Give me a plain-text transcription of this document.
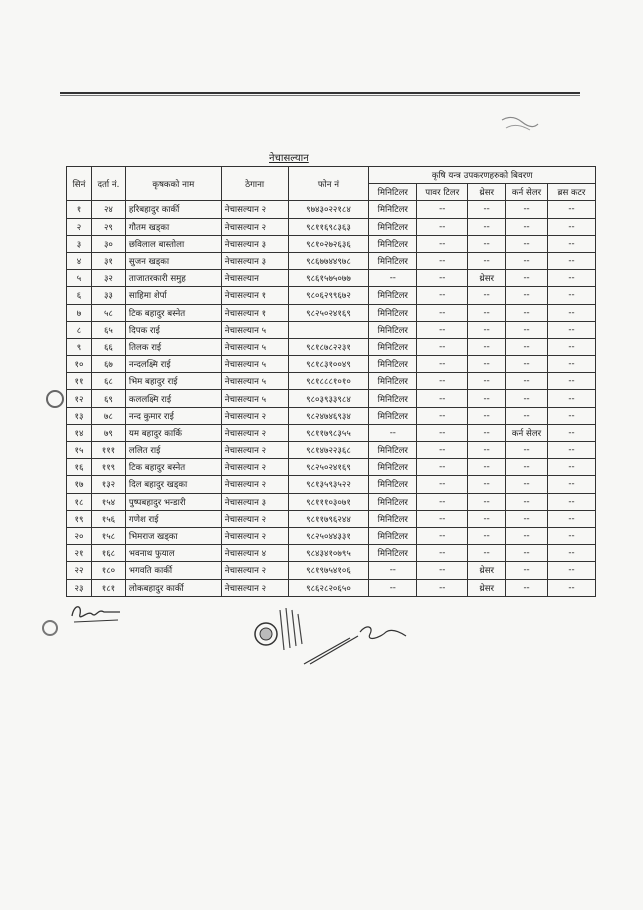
नेचासल्यान
सिनं	दर्ता नं.	कृषकको नाम	ठेगाना	फोन नं	कृषि यन्त्र उपकरणहरुको बिवरण				
					मिनिटिलर	पावर टिलर	थ्रेसर	कर्न सेलर	ब्रस कटर
१	२४	हरिबहादुर कार्की	नेचासल्यान २	९७४३०२२१८४	मिनिटिलर	--	--	--	--
२	२९	गौतम खड्का	नेचासल्यान २	९८११६९८३६३	मिनिटिलर	--	--	--	--
३	३०	छविलाल बास्तोला	नेचासल्यान ३	९८१०२७२६३६	मिनिटिलर	--	--	--	--
४	३१	सुजन खड्का	नेचासल्यान ३	९८६७७४४९७८	मिनिटिलर	--	--	--	--
५	३२	ताजातरकारी समुह	नेचासल्यान	९८६१५७५०७७	--	--	थ्रेसर	--	--
६	३३	साहिमा शेर्पा	नेचासल्यान १	९८०६२९९६७२	मिनिटिलर	--	--	--	--
७	५८	टिक बहादुर बस्नेत	नेचासल्यान १	९८२५०२४१६९	मिनिटिलर	--	--	--	--
८	६५	दिपक राई	नेचासल्यान ५		मिनिटिलर	--	--	--	--
९	६६	तिलक राई	नेचासल्यान ५	९८१८७८२२३१	मिनिटिलर	--	--	--	--
१०	६७	नन्दलक्ष्मि राई	नेचासल्यान ५	९८१८३१००४९	मिनिटिलर	--	--	--	--
११	६८	भिम बहादुर राई	नेचासल्यान ५	९८१८८८१०१०	मिनिटिलर	--	--	--	--
१२	६९	कललक्ष्मि राई	नेचासल्यान ५	९८०३९३३९८४	मिनिटिलर	--	--	--	--
१३	७८	नन्द कुमार राई	नेचासल्यान २	९८२४७४६९३४	मिनिटिलर	--	--	--	--
१४	७९	यम बहादुर कार्कि	नेचासल्यान २	९८११७९८३५५	--	--	--	कर्न सेलर	--
१५	१११	ललित राई	नेचासल्यान २	९८१४७२२३६८	मिनिटिलर	--	--	--	--
१६	११९	टिक बहादुर बस्नेत	नेचासल्यान २	९८२५०२४१६९	मिनिटिलर	--	--	--	--
१७	१३२	दिल बहादुर खड्का	नेचासल्यान २	९८१३५९३५२२	मिनिटिलर	--	--	--	--
१८	१५४	पुष्पबहादुर भन्डारी	नेचासल्यान ३	९८१११०३०७१	मिनिटिलर	--	--	--	--
१९	१५६	गणेश राई	नेचासल्यान २	९८११७९६२४४	मिनिटिलर	--	--	--	--
२०	१५८	भिमराज खड्का	नेचासल्यान २	९८२५०४४३३१	मिनिटिलर	--	--	--	--
२१	१६८	भवनाथ फुयाल	नेचासल्यान ४	९८४३४१०७९५	मिनिटिलर	--	--	--	--
२२	१८०	भगवति कार्की	नेचासल्यान २	९८१९७५४१०६	--	--	थ्रेसर	--	--
२३	१८१	लोकबहादुर कार्की	नेचासल्यान २	९८६२८२०६५०	--	--	थ्रेसर	--	--
